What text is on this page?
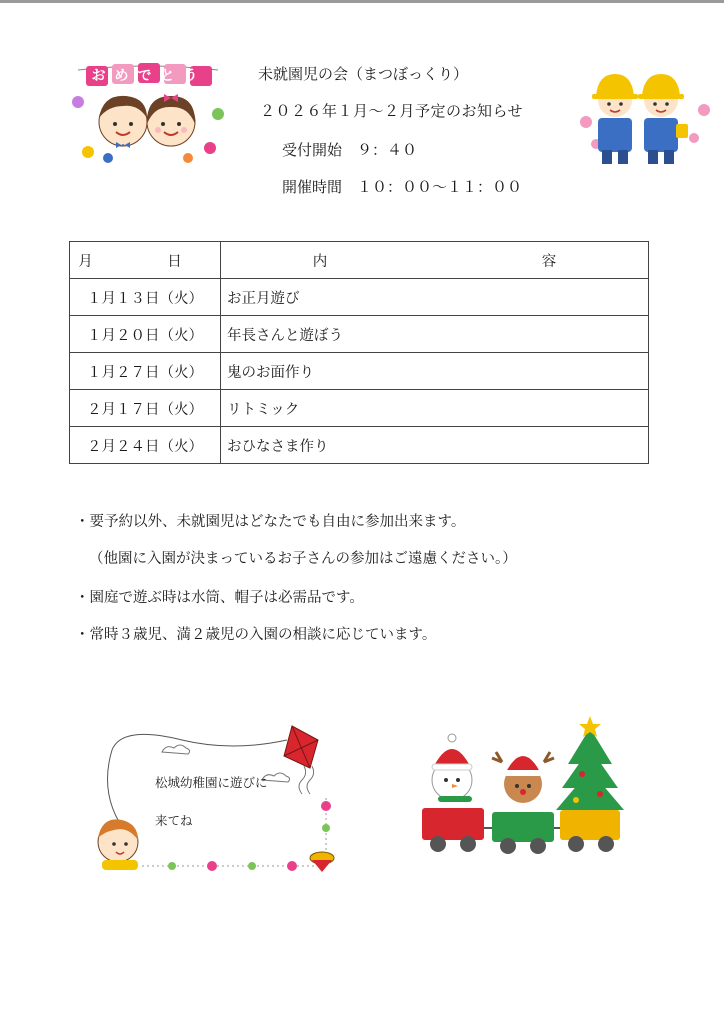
おめでとう	未就園児の会（まつぼっくり）
２０２６年１月～２月予定のお知らせ
受付開始　９：４０
開催時間　１０：００～１１：００
月　日	内　容
１月１３日（火）	お正月遊び
１月２０日（火）	年長さんと遊ぼう
１月２７日（火）	鬼のお面作り
２月１７日（火）	リトミック
２月２４日（火）	おひなさま作り
・要予約以外、未就園児はどなたでも自由に参加出来ます。
（他園に入園が決まっているお子さんの参加はご遠慮ください。）
・園庭で遊ぶ時は水筒、帽子は必需品です。
・常時３歳児、満２歳児の入園の相談に応じています。
松城幼稚園に遊びに
来てね
